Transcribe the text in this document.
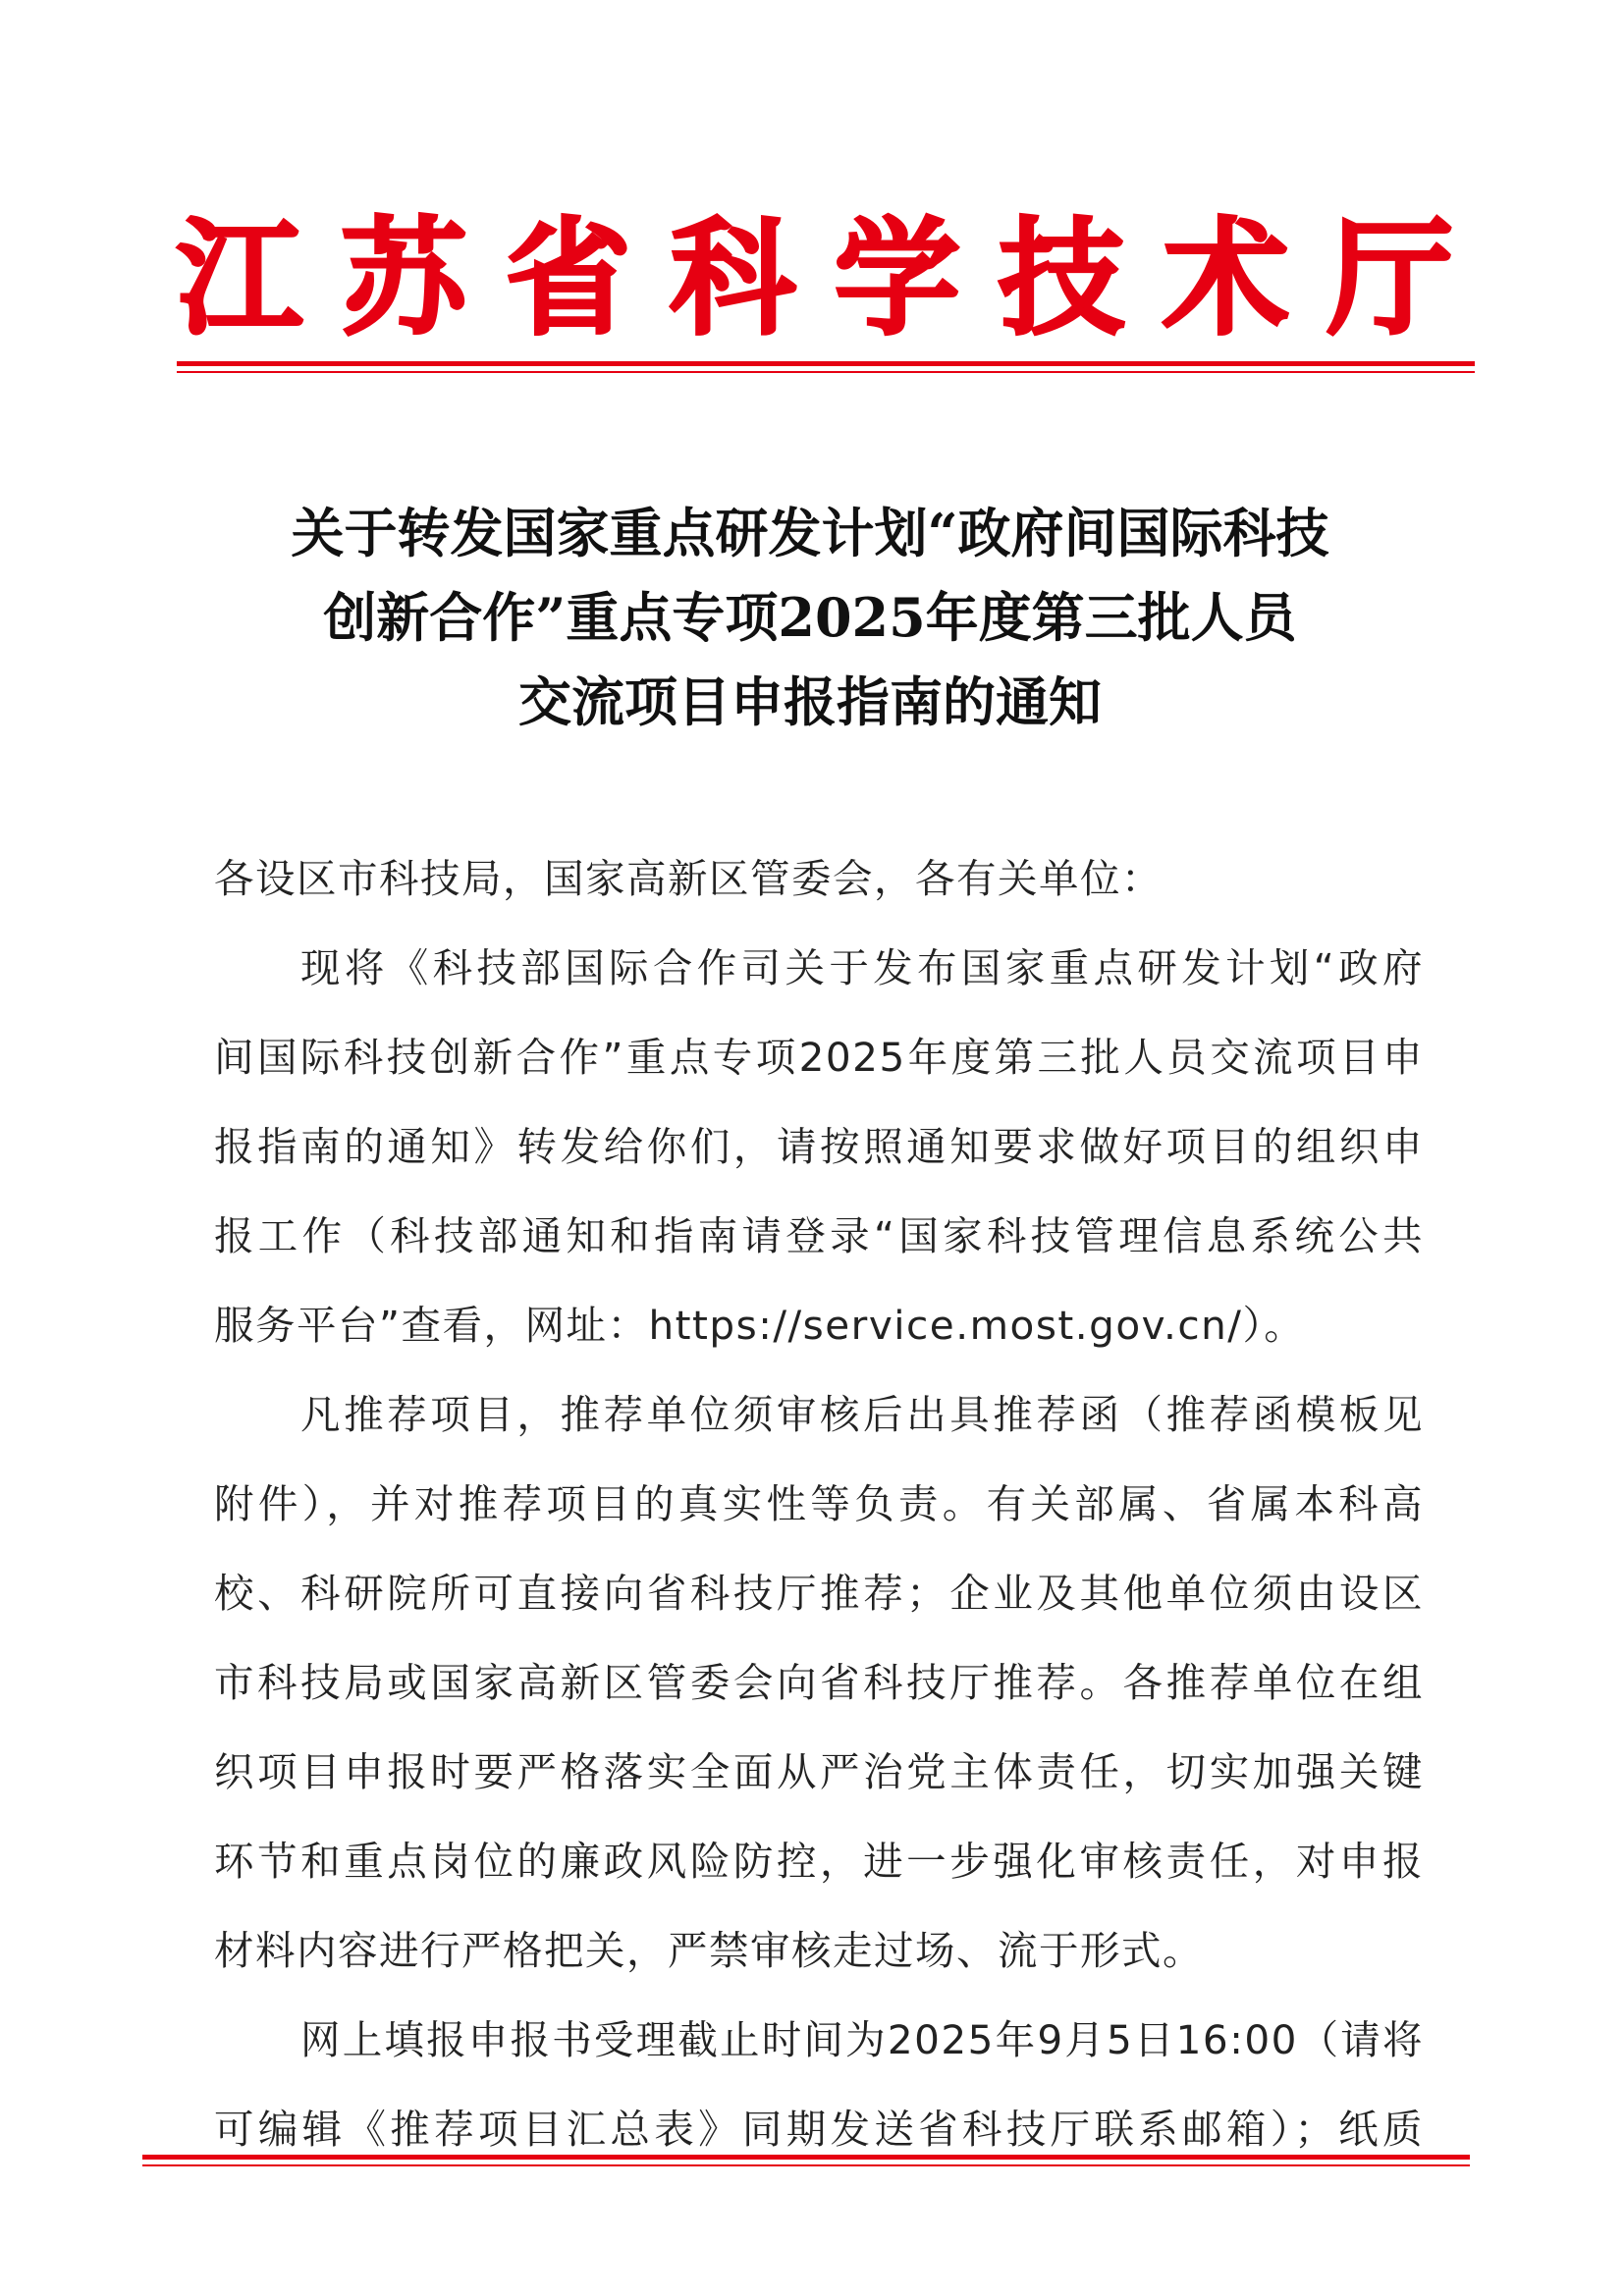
江 苏 省 科 学 技 术 厅
关于转发国家重点研发计划“政府间国际科技
创新合作”重点专项2025年度第三批人员
交流项目申报指南的通知
各设区市科技局，国家高新区管委会，各有关单位：
现将《科技部国际合作司关于发布国家重点研发计划“政府
间国际科技创新合作”重点专项2025年度第三批人员交流项目申
报指南的通知》转发给你们，请按照通知要求做好项目的组织申
报工作（科技部通知和指南请登录“国家科技管理信息系统公共
服务平台”查看，网址：https://service.most.gov.cn/）。
凡推荐项目，推荐单位须审核后出具推荐函（推荐函模板见
附件），并对推荐项目的真实性等负责。有关部属、省属本科高
校、科研院所可直接向省科技厅推荐；企业及其他单位须由设区
市科技局或国家高新区管委会向省科技厅推荐。各推荐单位在组
织项目申报时要严格落实全面从严治党主体责任，切实加强关键
环节和重点岗位的廉政风险防控，进一步强化审核责任，对申报
材料内容进行严格把关，严禁审核走过场、流于形式。
网上填报申报书受理截止时间为2025年9月5日16:00（请将
可编辑《推荐项目汇总表》同期发送省科技厅联系邮箱）；纸质
